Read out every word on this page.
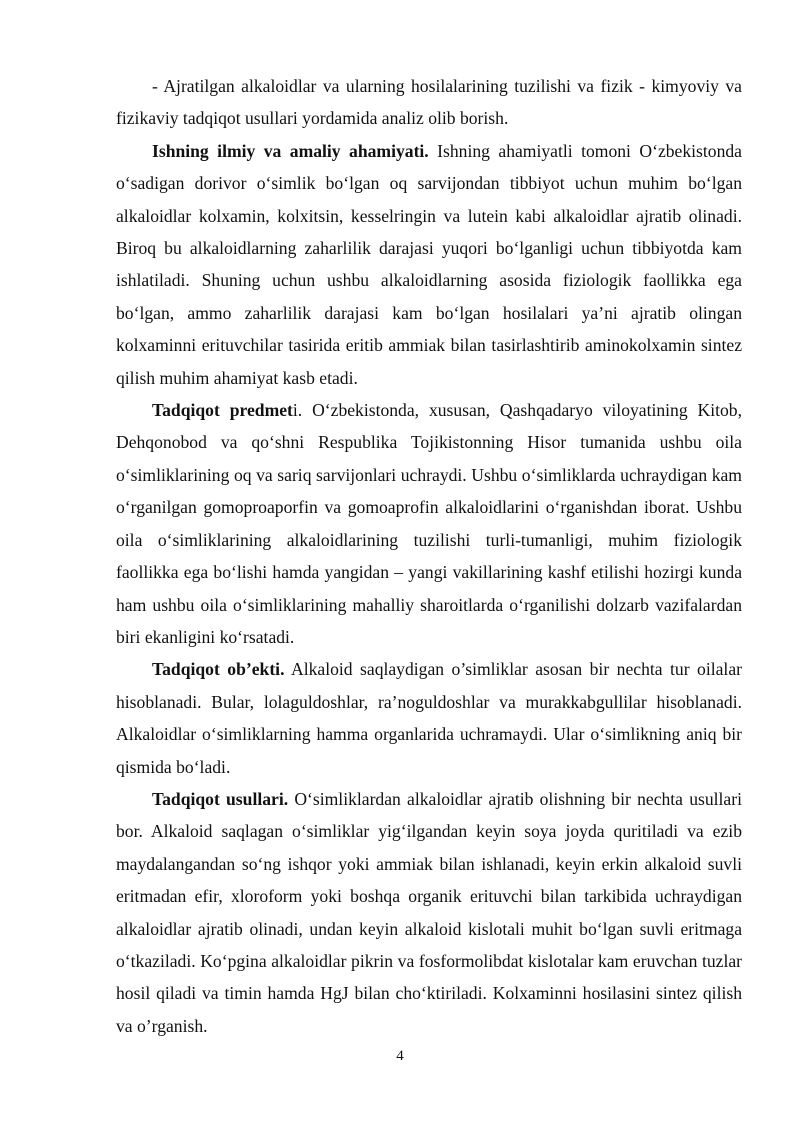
- Ajratilgan alkaloidlar va ularning hosilalarining tuzilishi va fizik - kimyoviy va fizikaviy tadqiqot usullari yordamida analiz olib borish.

Ishning ilmiy va amaliy ahamiyati. Ishning ahamiyatli tomoni O‘zbekistonda o‘sadigan dorivor o‘simlik bo‘lgan oq sarvijondan tibbiyot uchun muhim bo‘lgan alkaloidlar kolxamin, kolxitsin, kesselringin va lutein kabi alkaloidlar ajratib olinadi. Biroq bu alkaloidlarning zaharlilik darajasi yuqori bo‘lganligi uchun tibbiyotda kam ishlatiladi. Shuning uchun ushbu alkaloidlarning asosida fiziologik faollikka ega bo‘lgan, ammo zaharlilik darajasi kam bo‘lgan hosilalari ya’ni ajratib olingan kolxaminni erituvchilar tasirida eritib ammiak bilan tasirlashtirib aminokolxamin sintez qilish muhim ahamiyat kasb etadi.

Tadqiqot predmeti. O‘zbekistonda, xususan, Qashqadaryo viloyatining Kitob, Dehqonobod va qo‘shni Respublika Tojikistonning Hisor tumanida ushbu oila o‘simliklarining oq va sariq sarvijonlari uchraydi. Ushbu o‘simliklarda uchraydigan kam o‘rganilgan gomoproaporfin va gomoaprofin alkaloidlarini o‘rganishdan iborat. Ushbu oila o‘simliklarining alkaloidlarining tuzilishi turli-tumanligi, muhim fiziologik faollikka ega bo‘lishi hamda yangidan – yangi vakillarining kashf etilishi hozirgi kunda ham ushbu oila o‘simliklarining mahalliy sharoitlarda o‘rganilishi dolzarb vazifalardan biri ekanligini ko‘rsatadi.

Tadqiqot ob’ekti. Alkaloid saqlaydigan o’simliklar asosan bir nechta tur oilalar hisoblanadi. Bular, lolaguldoshlar, ra’noguldoshlar va murakkabgullilar hisoblanadi. Alkaloidlar o‘simliklarning hamma organlarida uchramaydi. Ular o‘simlikning aniq bir qismida bo‘ladi.

Tadqiqot usullari. O‘simliklardan alkaloidlar ajratib olishning bir nechta usullari bor. Alkaloid saqlagan o‘simliklar yig‘ilgandan keyin soya joyda quritiladi va ezib maydalangandan so‘ng ishqor yoki ammiak bilan ishlanadi, keyin erkin alkaloid suvli eritmadan efir, xloroform yoki boshqa organik erituvchi bilan tarkibida uchraydigan alkaloidlar ajratib olinadi, undan keyin alkaloid kislotali muhit bo‘lgan suvli eritmaga o‘tkaziladi. Ko‘pgina alkaloidlar pikrin va fosformolibdat kislotalar kam eruvchan tuzlar hosil qiladi va timin hamda HgJ bilan cho‘ktiriladi. Kolxaminni hosilasini sintez qilish va o’rganish.

4
